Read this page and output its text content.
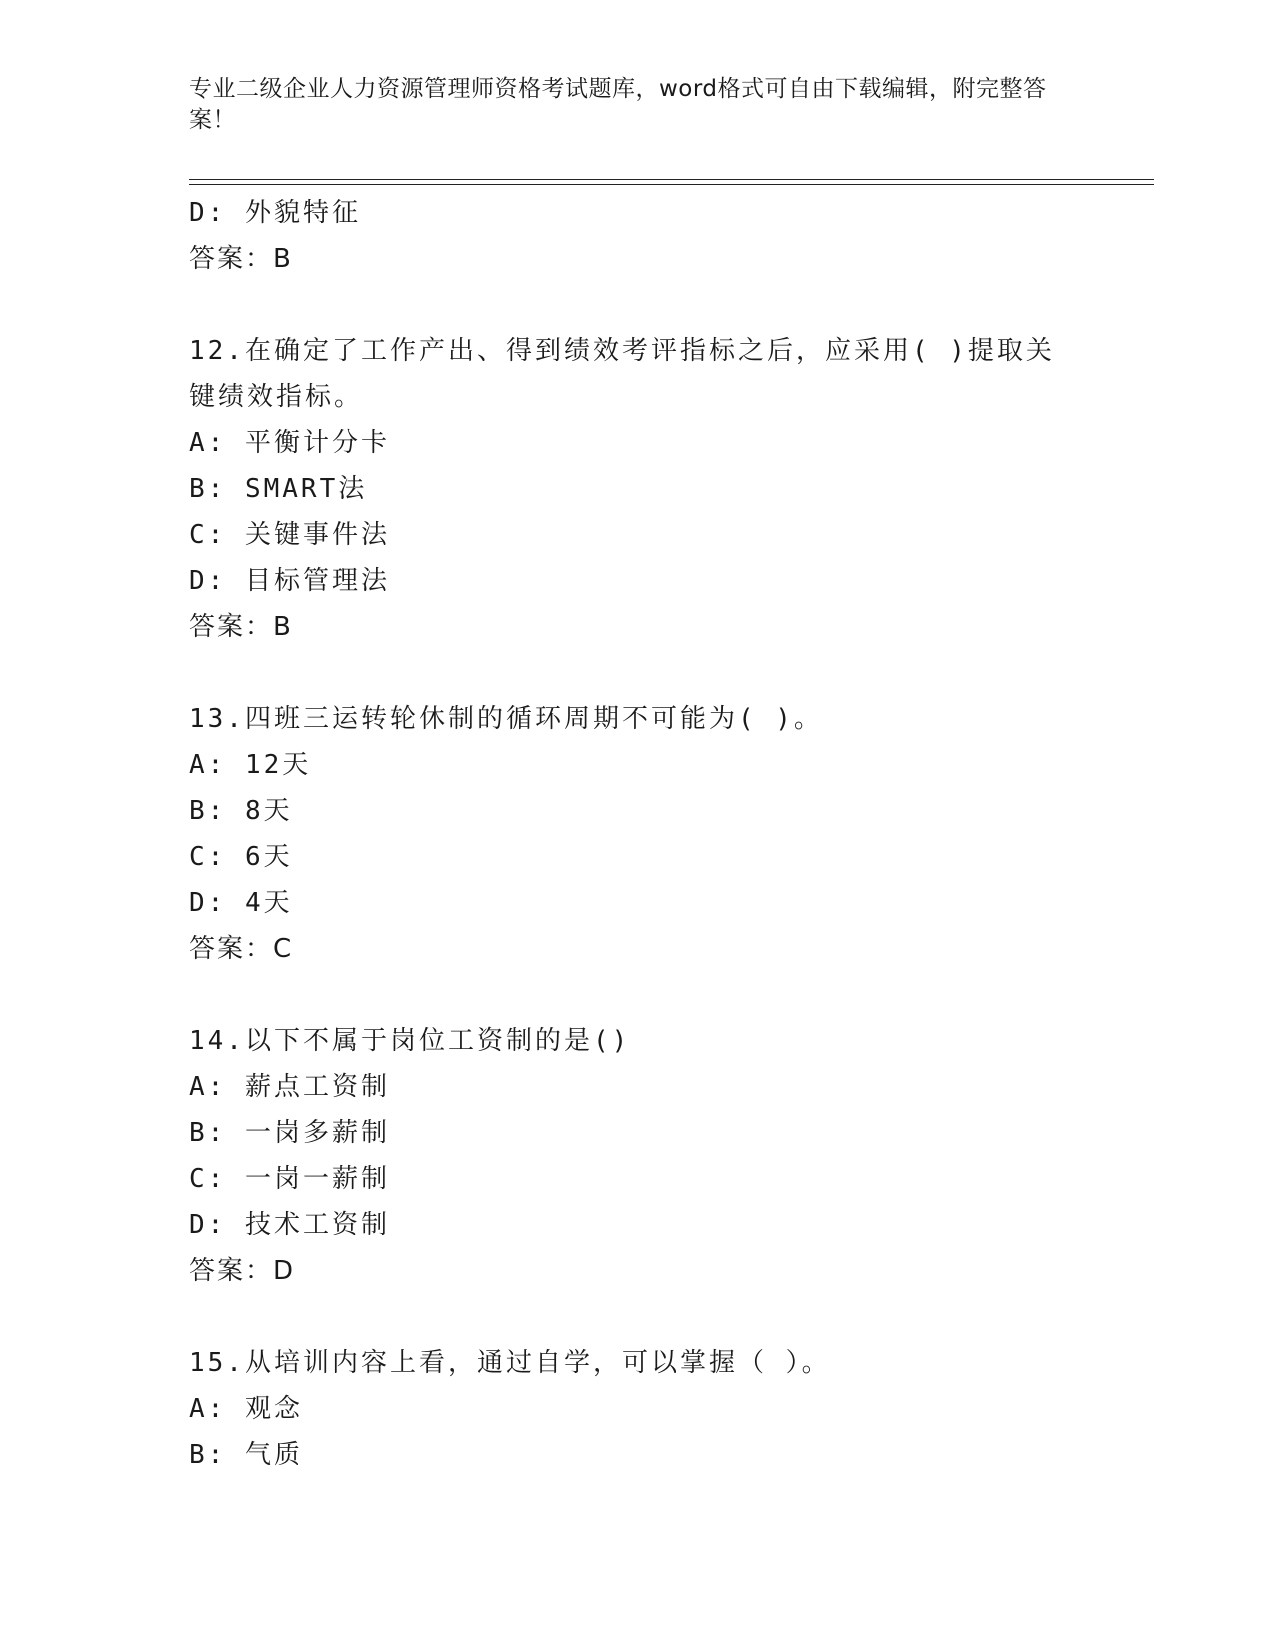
专业二级企业人力资源管理师资格考试题库，word格式可自由下载编辑，附完整答案！
D: 外貌特征
答案：B
12.在确定了工作产出、得到绩效考评指标之后，应采用( )提取关键绩效指标。
A: 平衡计分卡
B: SMART法
C: 关键事件法
D: 目标管理法
答案：B
13.四班三运转轮休制的循环周期不可能为( )。
A: 12天
B: 8天
C: 6天
D: 4天
答案：C
14.以下不属于岗位工资制的是()
A: 薪点工资制
B: 一岗多薪制
C: 一岗一薪制
D: 技术工资制
答案：D
15.从培训内容上看，通过自学，可以掌握（ ）。
A: 观念
B: 气质
